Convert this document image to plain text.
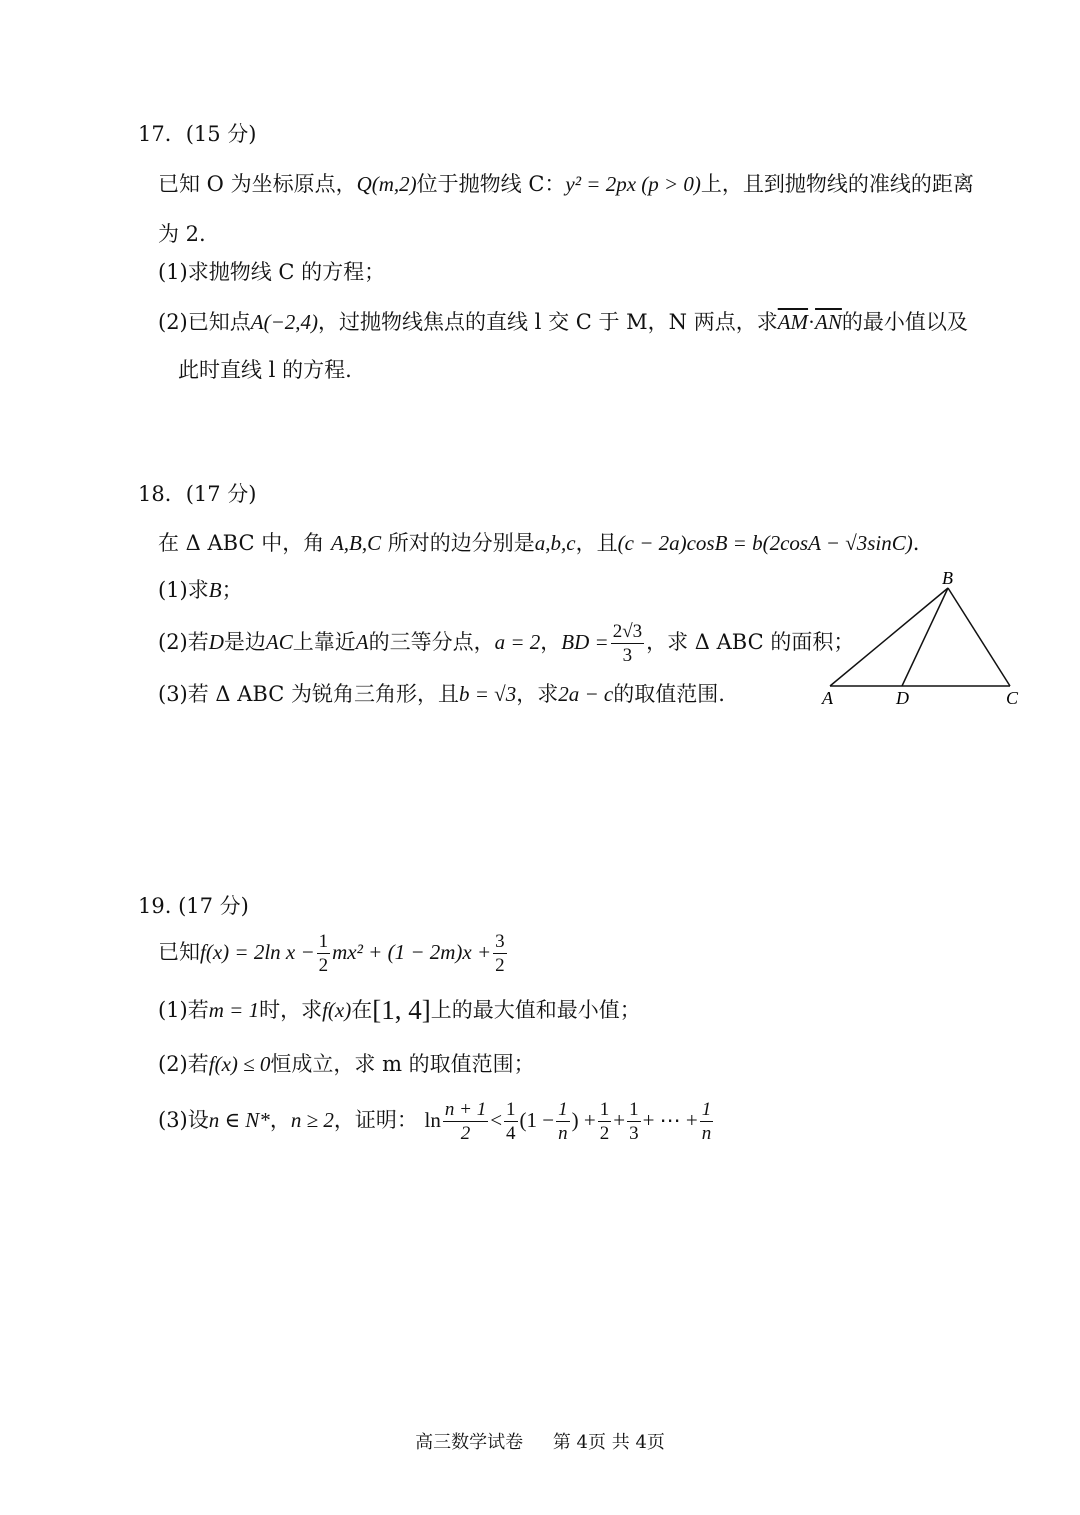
17．(15 分)
已知 O 为坐标原点，Q(m,2)位于抛物线 C：y² = 2px (p > 0)上，且到抛物线的准线的距离
为 2.
(1)求抛物线 C 的方程；
(2)已知点A(−2,4)，过抛物线焦点的直线 l 交 C 于 M，N 两点，求$\overline{AM}\cdot\overline{AN}$的最小值以及
此时直线 l 的方程.
18．(17 分)
在 Δ ABC 中，角 A,B,C 所对的边分别是a,b,c，且(c − 2a)cosB = b(2cosA − √3sinC).
(1)求B；
(2)若D是边AC上靠近A的三等分点，a = 2，BD = $\frac{2√3}{3}$ ，求 Δ ABC 的面积；
(3)若 Δ ABC 为锐角三角形，且b = √3，求2a − c的取值范围.
B
A	D	C
19. (17 分)
已知f(x) = 2ln $x - \frac{1}{2} mx^2 + (1 - 2m)x + \frac{3}{2}$
(1)若m = 1时，求f(x)在[1, 4]上的最大值和最小值；
(2)若f(x) ≤ 0恒成立，求 m 的取值范围；
(3)设n ∈ N*，n ≥ 2，证明： $\ln \frac{n + 1}{2} < \frac{1}{4} (1 - \frac{1}{n}$ ) + $\frac{1}{2} + \frac{1}{3}$ + ⋯ + $\frac{1}{n}$
高三数学试卷 第 4页 共 4页
